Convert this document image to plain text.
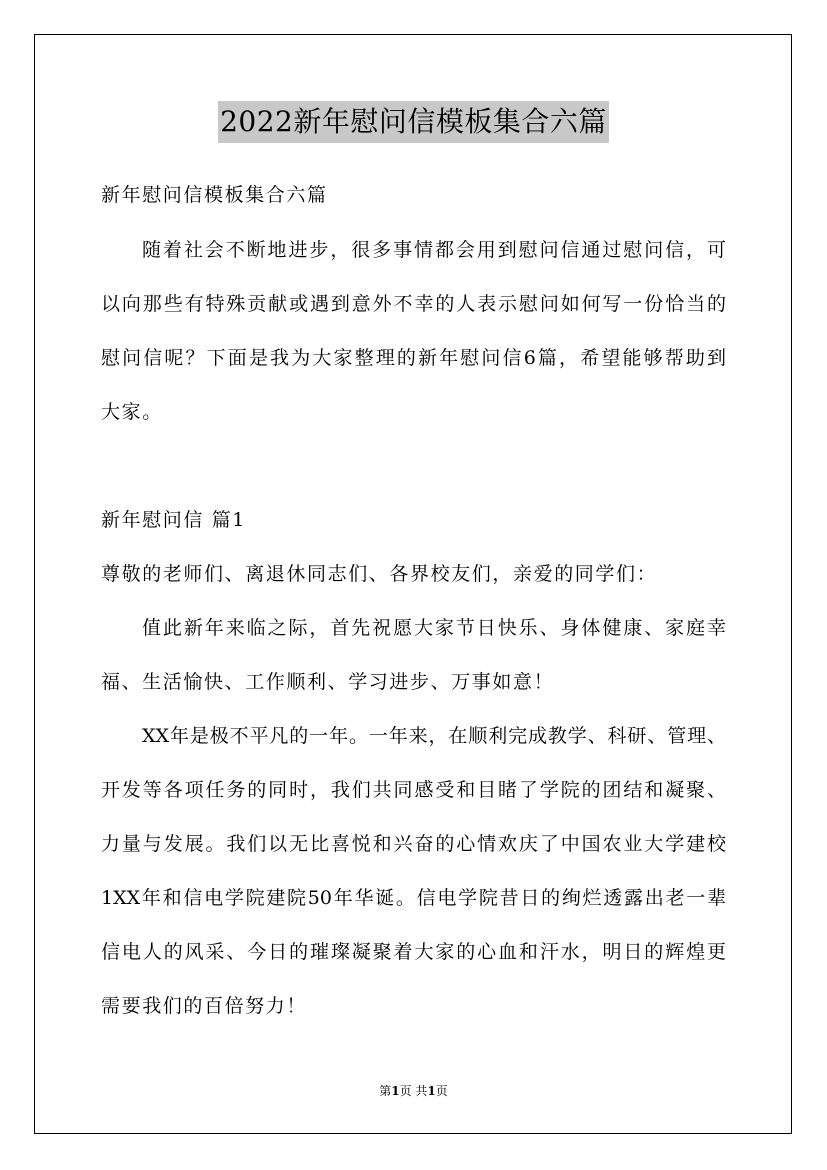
2022新年慰问信模板集合六篇
新年慰问信模板集合六篇
随着社会不断地进步，很多事情都会用到慰问信通过慰问信，可
以向那些有特殊贡献或遇到意外不幸的人表示慰问如何写一份恰当的
慰问信呢？下面是我为大家整理的新年慰问信6篇，希望能够帮助到
大家。
新年慰问信 篇1
尊敬的老师们、离退休同志们、各界校友们，亲爱的同学们：
值此新年来临之际，首先祝愿大家节日快乐、身体健康、家庭幸
福、生活愉快、工作顺利、学习进步、万事如意！
XX年是极不平凡的一年。一年来，在顺利完成教学、科研、管理、
开发等各项任务的同时，我们共同感受和目睹了学院的团结和凝聚、
力量与发展。我们以无比喜悦和兴奋的心情欢庆了中国农业大学建校
1XX年和信电学院建院50年华诞。信电学院昔日的绚烂透露出老一辈
信电人的风采、今日的璀璨凝聚着大家的心血和汗水，明日的辉煌更
需要我们的百倍努力！
第1页 共1页
